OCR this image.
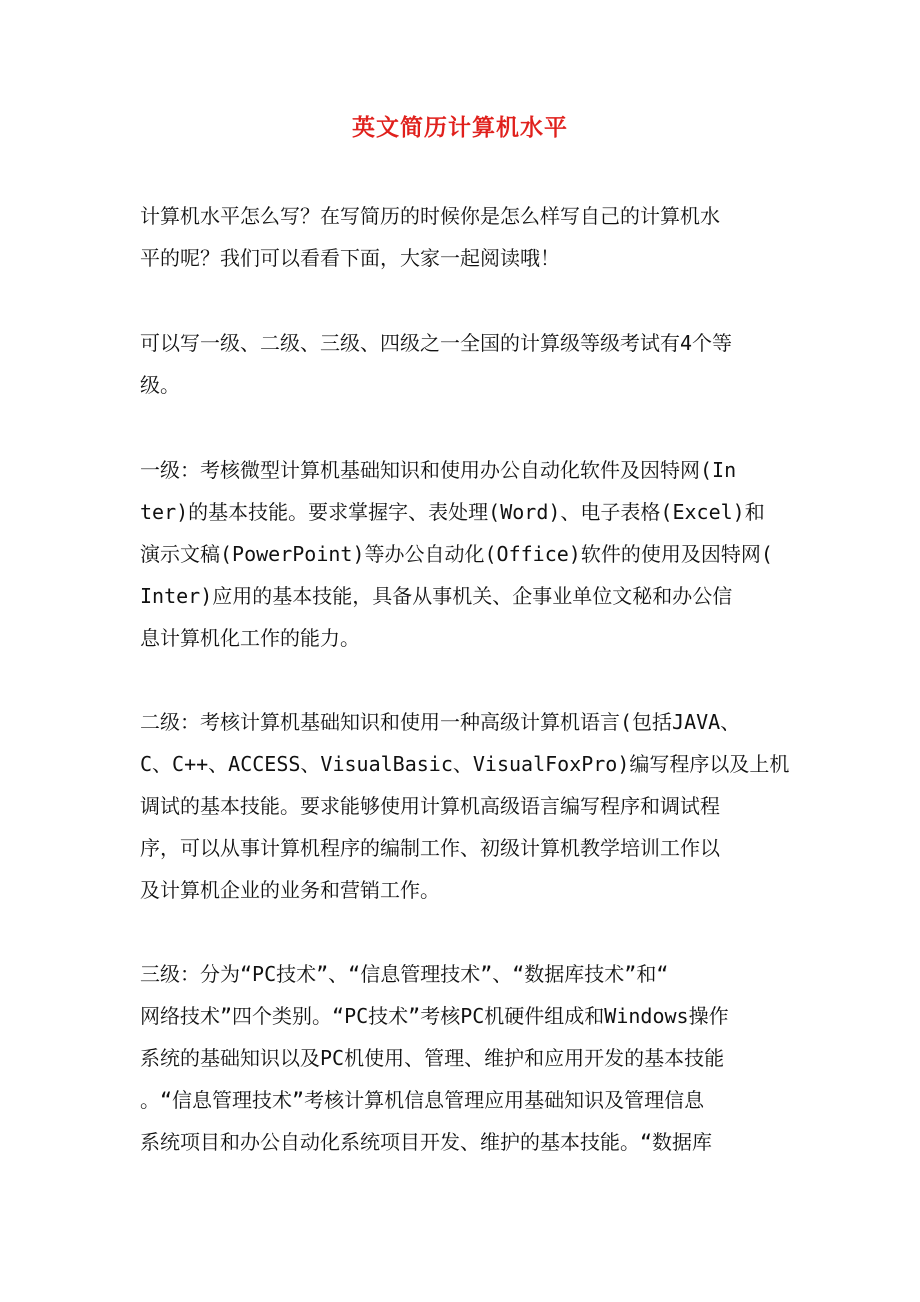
英文简历计算机水平
计算机水平怎么写？在写简历的时候你是怎么样写自己的计算机水
平的呢？我们可以看看下面，大家一起阅读哦！
可以写一级、二级、三级、四级之一全国的计算级等级考试有4个等
级。
一级：考核微型计算机基础知识和使用办公自动化软件及因特网(In
ter)的基本技能。要求掌握字、表处理(Word)、电子表格(Excel)和
演示文稿(PowerPoint)等办公自动化(Office)软件的使用及因特网(
Inter)应用的基本技能，具备从事机关、企事业单位文秘和办公信
息计算机化工作的能力。
二级：考核计算机基础知识和使用一种高级计算机语言(包括JAVA、
C、C++、ACCESS、VisualBasic、VisualFoxPro)编写程序以及上机
调试的基本技能。要求能够使用计算机高级语言编写程序和调试程
序，可以从事计算机程序的编制工作、初级计算机教学培训工作以
及计算机企业的业务和营销工作。
三级：分为“PC技术”、“信息管理技术”、“数据库技术”和“
网络技术”四个类别。“PC技术”考核PC机硬件组成和Windows操作
系统的基础知识以及PC机使用、管理、维护和应用开发的基本技能
。“信息管理技术”考核计算机信息管理应用基础知识及管理信息
系统项目和办公自动化系统项目开发、维护的基本技能。“数据库
